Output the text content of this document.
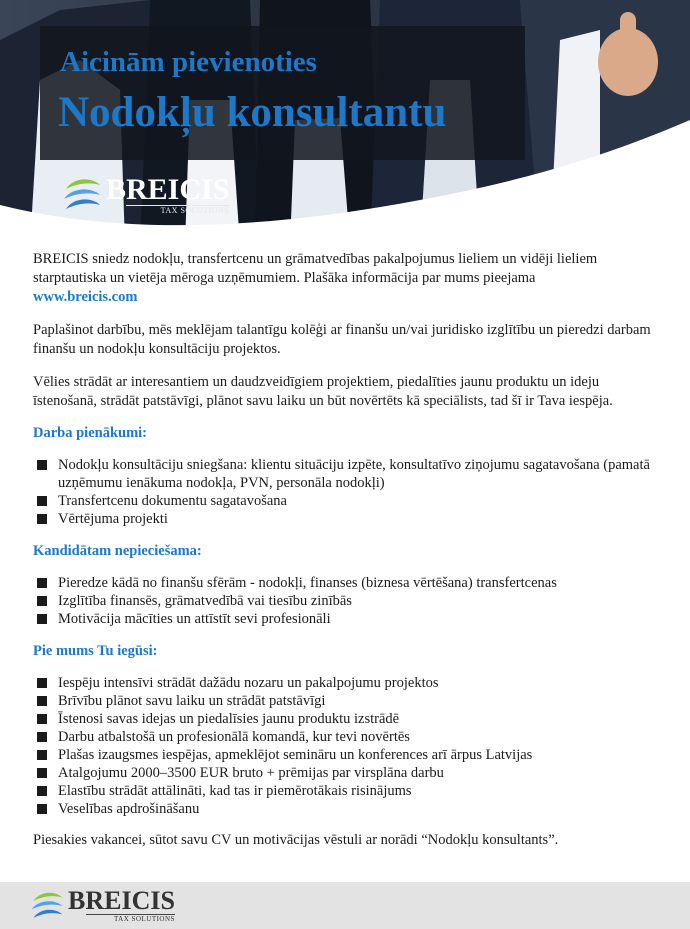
Aicinām pievienoties
Nodokļu konsultantu
BREICIS
TAX SOLUTIONS

BREICIS sniedz nodokļu, transfertcenu un grāmatvedības pakalpojumus lieliem un vidēji lieliem starptautiska un vietēja mēroga uzņēmumiem. Plašāka informācija par mums pieejama
www.breicis.com

Paplašinot darbību, mēs meklējam talantīgu kolēģi ar finanšu un/vai juridisko izglītību un pieredzi darbam finanšu un nodokļu konsultāciju projektos.

Vēlies strādāt ar interesantiem un daudzveidīgiem projektiem, piedalīties jaunu produktu un ideju īstenošanā, strādāt patstāvīgi, plānot savu laiku un būt novērtēts kā speciālists, tad šī ir Tava iespēja.

Darba pienākumi:
Nodokļu konsultāciju sniegšana: klientu situāciju izpēte, konsultatīvo ziņojumu sagatavošana (pamatā uzņēmumu ienākuma nodokļa, PVN, personāla nodokļi)
Transfertcenu dokumentu sagatavošana
Vērtējuma projekti
Kandidātam nepieciešama:
Pieredze kādā no finanšu sfērām - nodokļi, finanses (biznesa vērtēšana) transfertcenas
Izglītība finansēs, grāmatvedībā vai tiesību zinībās
Motivācija mācīties un attīstīt sevi profesionāli
Pie mums Tu iegūsi:
Iespēju intensīvi strādāt dažādu nozaru un pakalpojumu projektos
Brīvību plānot savu laiku un strādāt patstāvīgi
Īstenosi savas idejas un piedalīsies jaunu produktu izstrādē
Darbu atbalstošā un profesionālā komandā, kur tevi novērtēs
Plašas izaugsmes iespējas, apmeklējot semināru un konferences arī ārpus Latvijas
Atalgojumu 2000–3500 EUR bruto + prēmijas par virsplāna darbu
Elastību strādāt attālināti, kad tas ir piemērotākais risinājums
Veselības apdrošināšanu

Piesakies vakancei, sūtot savu CV un motivācijas vēstuli ar norādi “Nodokļu konsultants”.

BREICIS
TAX SOLUTIONS
